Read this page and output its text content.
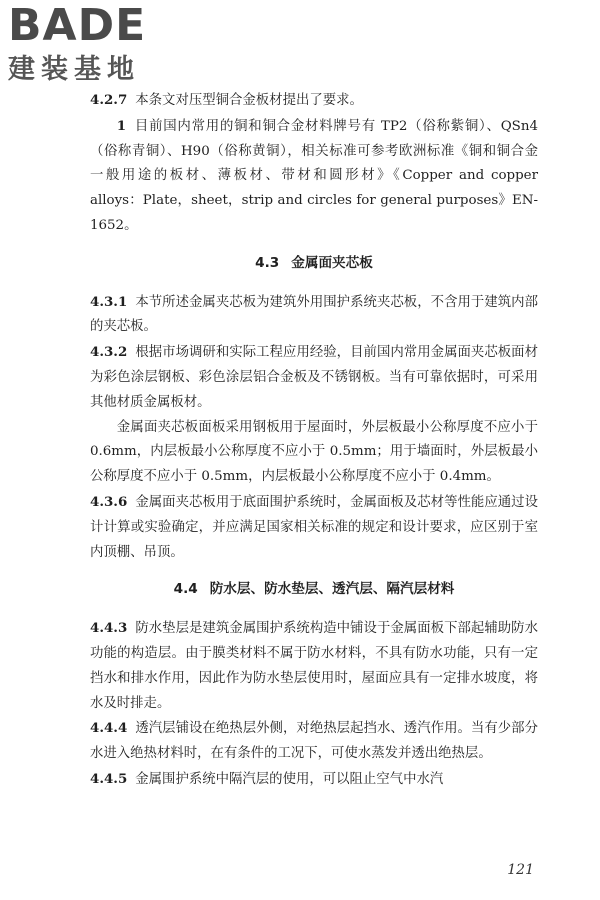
BADE
建装基地

4.2.7 本条文对压型铜合金板材提出了要求。

1 目前国内常用的铜和铜合金材料牌号有 TP2（俗称紫铜）、QSn4（俗称青铜）、H90（俗称黄铜），相关标准可参考欧洲标准《铜和铜合金　一般用途的板材、薄板材、带材和圆形材》《Copper and copper alloys：Plate，sheet，strip and circles for general purposes》EN-1652。

4.3 金属面夹芯板

4.3.1 本节所述金属夹芯板为建筑外用围护系统夹芯板，不含用于建筑内部的夹芯板。

4.3.2 根据市场调研和实际工程应用经验，目前国内常用金属面夹芯板面材为彩色涂层钢板、彩色涂层铝合金板及不锈钢板。当有可靠依据时，可采用其他材质金属板材。

金属面夹芯板面板采用钢板用于屋面时，外层板最小公称厚度不应小于 0.6mm，内层板最小公称厚度不应小于 0.5mm；用于墙面时，外层板最小公称厚度不应小于 0.5mm，内层板最小公称厚度不应小于 0.4mm。

4.3.6 金属面夹芯板用于底面围护系统时，金属面板及芯材等性能应通过设计计算或实验确定，并应满足国家相关标准的规定和设计要求，应区别于室内顶棚、吊顶。

4.4 防水层、防水垫层、透汽层、隔汽层材料

4.4.3 防水垫层是建筑金属围护系统构造中铺设于金属面板下部起辅助防水功能的构造层。由于膜类材料不属于防水材料，不具有防水功能，只有一定挡水和排水作用，因此作为防水垫层使用时，屋面应具有一定排水坡度，将水及时排走。

4.4.4 透汽层铺设在绝热层外侧，对绝热层起挡水、透汽作用。当有少部分水进入绝热材料时，在有条件的工况下，可使水蒸发并透出绝热层。

4.4.5 金属围护系统中隔汽层的使用，可以阻止空气中水汽

121
